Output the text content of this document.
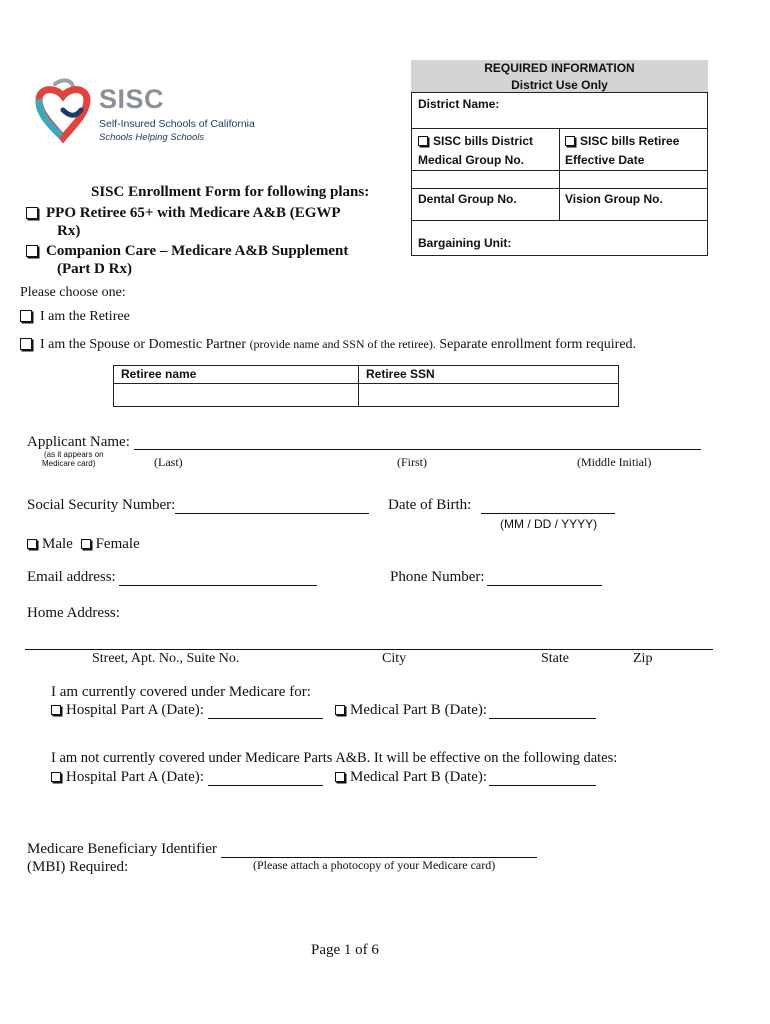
SISC
Self-Insured Schools of California
Schools Helping Schools
REQUIRED INFORMATION
District Use Only
District Name:
SISC bills District	SISC bills Retiree
Medical Group No.	Effective Date
Dental Group No.	Vision Group No.
Bargaining Unit:
SISC Enrollment Form for following plans:
PPO Retiree 65+ with Medicare A&B (EGWP
Rx)
Companion Care – Medicare A&B Supplement
(Part D Rx)
Please choose one:
I am the Retiree
I am the Spouse or Domestic Partner (provide name and SSN of the retiree). Separate enrollment form required.
Retiree name	Retiree SSN
Applicant Name:
(as it appears on
Medicare card)	(Last)	(First)	(Middle Initial)
Social Security Number:	Date of Birth:
(MM / DD / YYYY)
Male Female
Email address:	Phone Number:
Home Address:
Street, Apt. No., Suite No.	City	State	Zip
I am currently covered under Medicare for:
Hospital Part A (Date):	Medical Part B (Date):
I am not currently covered under Medicare Parts A&B. It will be effective on the following dates:
Hospital Part A (Date):	Medical Part B (Date):
Medicare Beneficiary Identifier
(MBI) Required:	(Please attach a photocopy of your Medicare card)
Page 1 of 6
